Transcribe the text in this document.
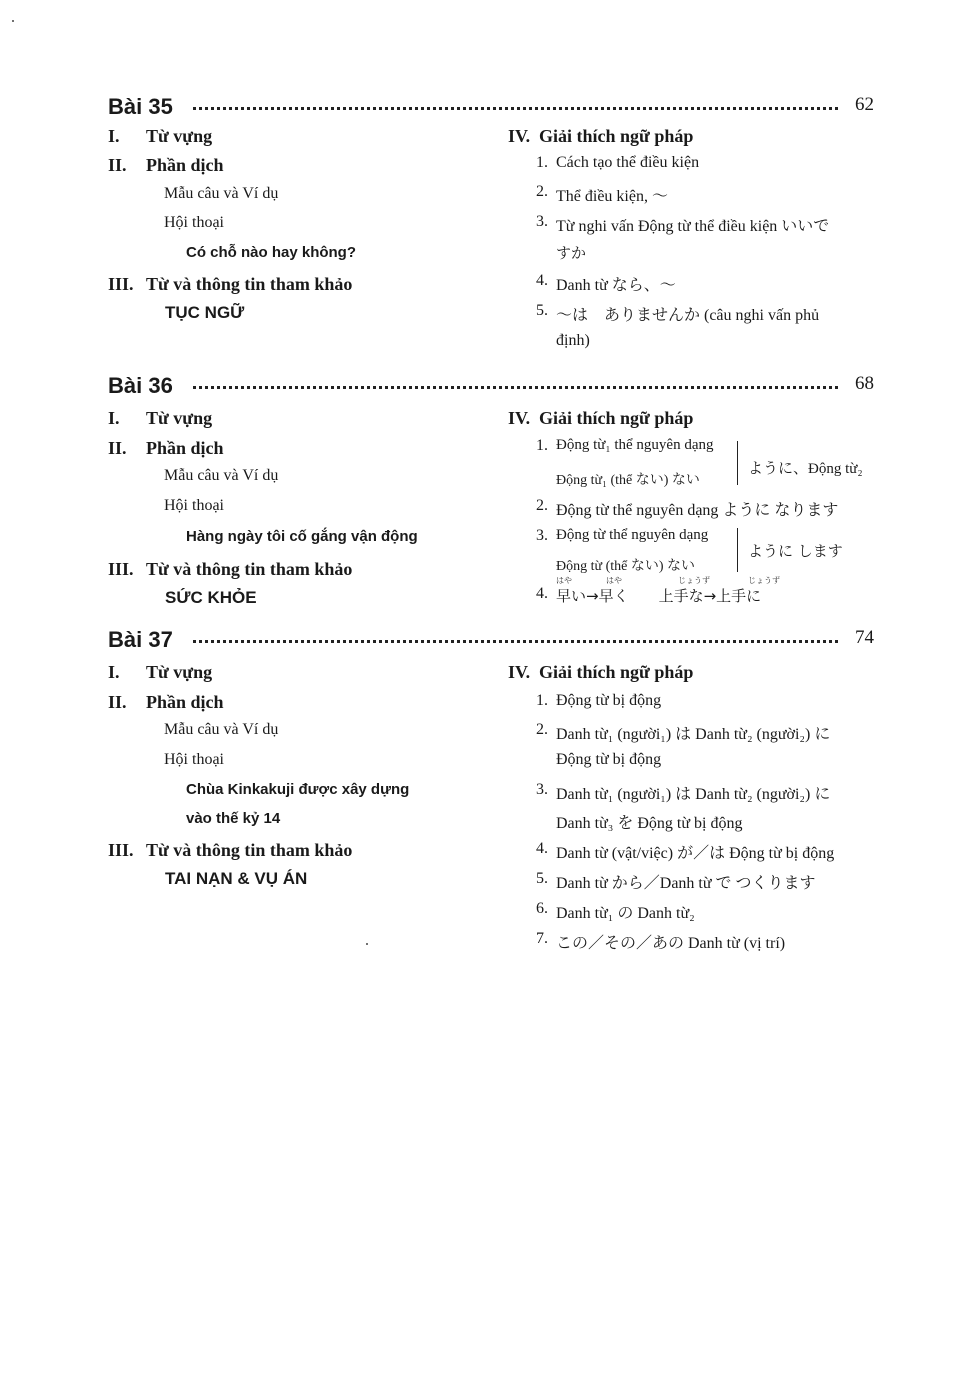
Bài 35	62
I. Từ vựng
II. Phần dịch
Mẫu câu và Ví dụ
Hội thoại
Có chỗ nào hay không?
III. Từ và thông tin tham khảo
TỤC NGỮ
IV. Giải thích ngữ pháp
1. Cách tạo thể điều kiện
2. Thể điều kiện, ～
3. Từ nghi vấn Động từ thể điều kiện いいで
すか
4. Danh từ なら、～
5. ～は　ありませんか (câu nghi vấn phủ
định)
Bài 36	68
I. Từ vựng
II. Phần dịch
Mẫu câu và Ví dụ
Hội thoại
Hàng ngày tôi cố gắng vận động
III. Từ và thông tin tham khảo
SỨC KHỎE
IV. Giải thích ngữ pháp
1. Động từ₁ thể nguyên dạng
Động từ₁ (thể ない) ない
ように、Động từ₂
2. Động từ thể nguyên dạng ように なります
3. Động từ thể nguyên dạng
Động từ (thể ない) ない
ように します
はや	はや	じょうず	じょうず
4. 早い→早く　　上手な→上手に
Bài 37	74
I. Từ vựng
II. Phần dịch
Mẫu câu và Ví dụ
Hội thoại
Chùa Kinkakuji được xây dựng
vào thế kỷ 14
III. Từ và thông tin tham khảo
TAI NẠN & VỤ ÁN
IV. Giải thích ngữ pháp
1. Động từ bị động
2. Danh từ₁ (người₁) は Danh từ₂ (người₂) に
Động từ bị động
3. Danh từ₁ (người₁) は Danh từ₂ (người₂) に
Danh từ₃ を Động từ bị động
4. Danh từ (vật/việc) が／は Động từ bị động
5. Danh từ から／Danh từ で つくります
6. Danh từ₁ の Danh từ₂
7. この／その／あの Danh từ (vị trí)
